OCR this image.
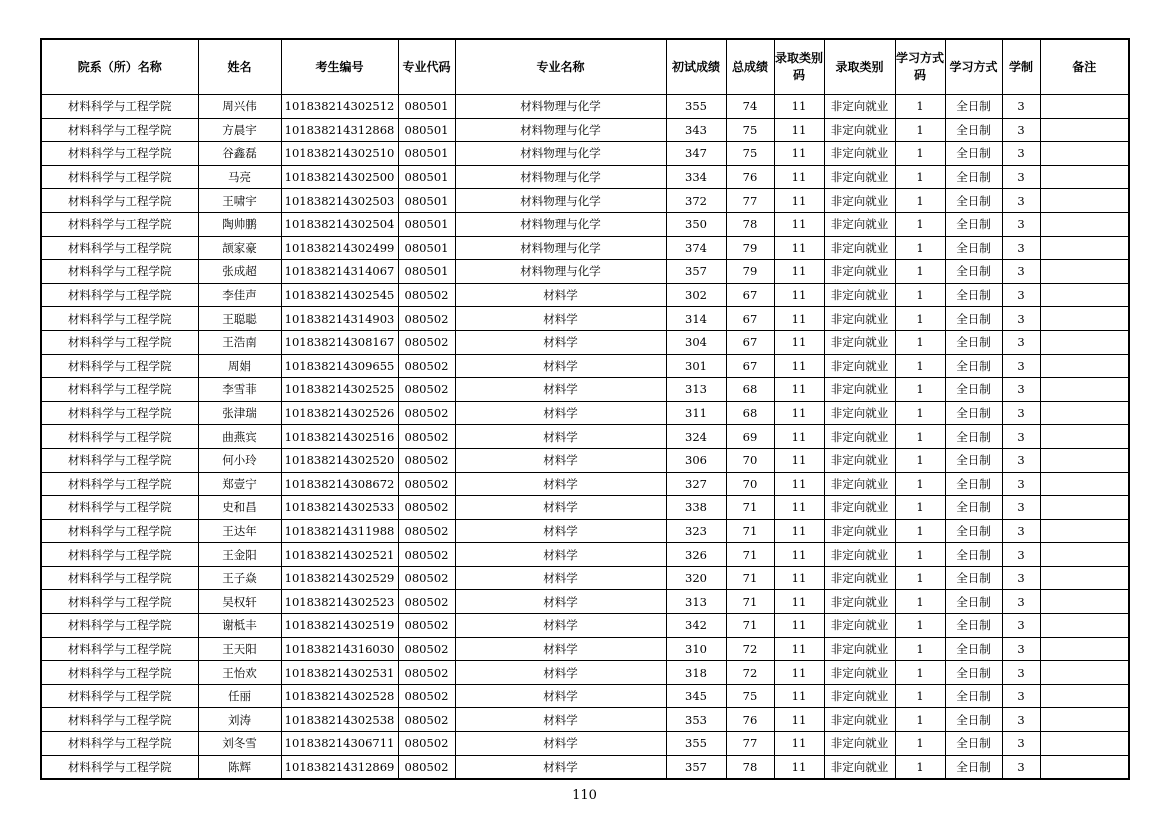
院系（所）名称	姓名	考生编号	专业代码	专业名称	初试成绩	总成绩	录取类别码	录取类别	学习方式码	学习方式	学制	备注
材料科学与工程学院	周兴伟	101838214302512	080501	材料物理与化学	355	74	11	非定向就业	1	全日制	3	
材料科学与工程学院	方晨宇	101838214312868	080501	材料物理与化学	343	75	11	非定向就业	1	全日制	3	
材料科学与工程学院	谷鑫磊	101838214302510	080501	材料物理与化学	347	75	11	非定向就业	1	全日制	3	
材料科学与工程学院	马亮	101838214302500	080501	材料物理与化学	334	76	11	非定向就业	1	全日制	3	
材料科学与工程学院	王啸宇	101838214302503	080501	材料物理与化学	372	77	11	非定向就业	1	全日制	3	
材料科学与工程学院	陶帅鹏	101838214302504	080501	材料物理与化学	350	78	11	非定向就业	1	全日制	3	
材料科学与工程学院	颉家豪	101838214302499	080501	材料物理与化学	374	79	11	非定向就业	1	全日制	3	
材料科学与工程学院	张成超	101838214314067	080501	材料物理与化学	357	79	11	非定向就业	1	全日制	3	
材料科学与工程学院	李佳声	101838214302545	080502	材料学	302	67	11	非定向就业	1	全日制	3	
材料科学与工程学院	王聪聪	101838214314903	080502	材料学	314	67	11	非定向就业	1	全日制	3	
材料科学与工程学院	王浩南	101838214308167	080502	材料学	304	67	11	非定向就业	1	全日制	3	
材料科学与工程学院	周娟	101838214309655	080502	材料学	301	67	11	非定向就业	1	全日制	3	
材料科学与工程学院	李雪菲	101838214302525	080502	材料学	313	68	11	非定向就业	1	全日制	3	
材料科学与工程学院	张津瑞	101838214302526	080502	材料学	311	68	11	非定向就业	1	全日制	3	
材料科学与工程学院	曲燕宾	101838214302516	080502	材料学	324	69	11	非定向就业	1	全日制	3	
材料科学与工程学院	何小玲	101838214302520	080502	材料学	306	70	11	非定向就业	1	全日制	3	
材料科学与工程学院	郑壹宁	101838214308672	080502	材料学	327	70	11	非定向就业	1	全日制	3	
材料科学与工程学院	史和昌	101838214302533	080502	材料学	338	71	11	非定向就业	1	全日制	3	
材料科学与工程学院	王达年	101838214311988	080502	材料学	323	71	11	非定向就业	1	全日制	3	
材料科学与工程学院	王金阳	101838214302521	080502	材料学	326	71	11	非定向就业	1	全日制	3	
材料科学与工程学院	王子焱	101838214302529	080502	材料学	320	71	11	非定向就业	1	全日制	3	
材料科学与工程学院	吴权轩	101838214302523	080502	材料学	313	71	11	非定向就业	1	全日制	3	
材料科学与工程学院	谢柢丰	101838214302519	080502	材料学	342	71	11	非定向就业	1	全日制	3	
材料科学与工程学院	王天阳	101838214316030	080502	材料学	310	72	11	非定向就业	1	全日制	3	
材料科学与工程学院	王怡欢	101838214302531	080502	材料学	318	72	11	非定向就业	1	全日制	3	
材料科学与工程学院	任丽	101838214302528	080502	材料学	345	75	11	非定向就业	1	全日制	3	
材料科学与工程学院	刘涛	101838214302538	080502	材料学	353	76	11	非定向就业	1	全日制	3	
材料科学与工程学院	刘冬雪	101838214306711	080502	材料学	355	77	11	非定向就业	1	全日制	3	
材料科学与工程学院	陈辉	101838214312869	080502	材料学	357	78	11	非定向就业	1	全日制	3	
110
